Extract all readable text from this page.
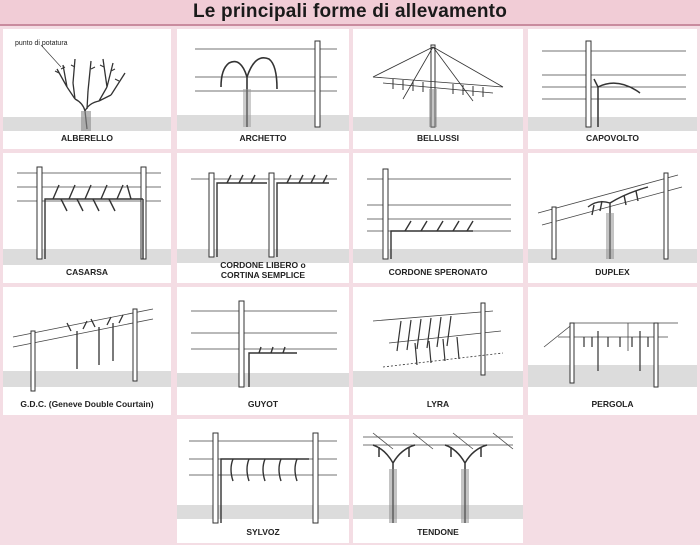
Le principali forme di allevamento
punto di potatura
ALBERELLO	ARCHETTO	BELLUSSI	CAPOVOLTO
CASARSA
CORDONE LIBERO o
CORTINA SEMPLICE	CORDONE SPERONATO	DUPLEX
G.D.C. (Geneve Double Courtain)	GUYOT	LYRA	PERGOLA
SYLVOZ	TENDONE
